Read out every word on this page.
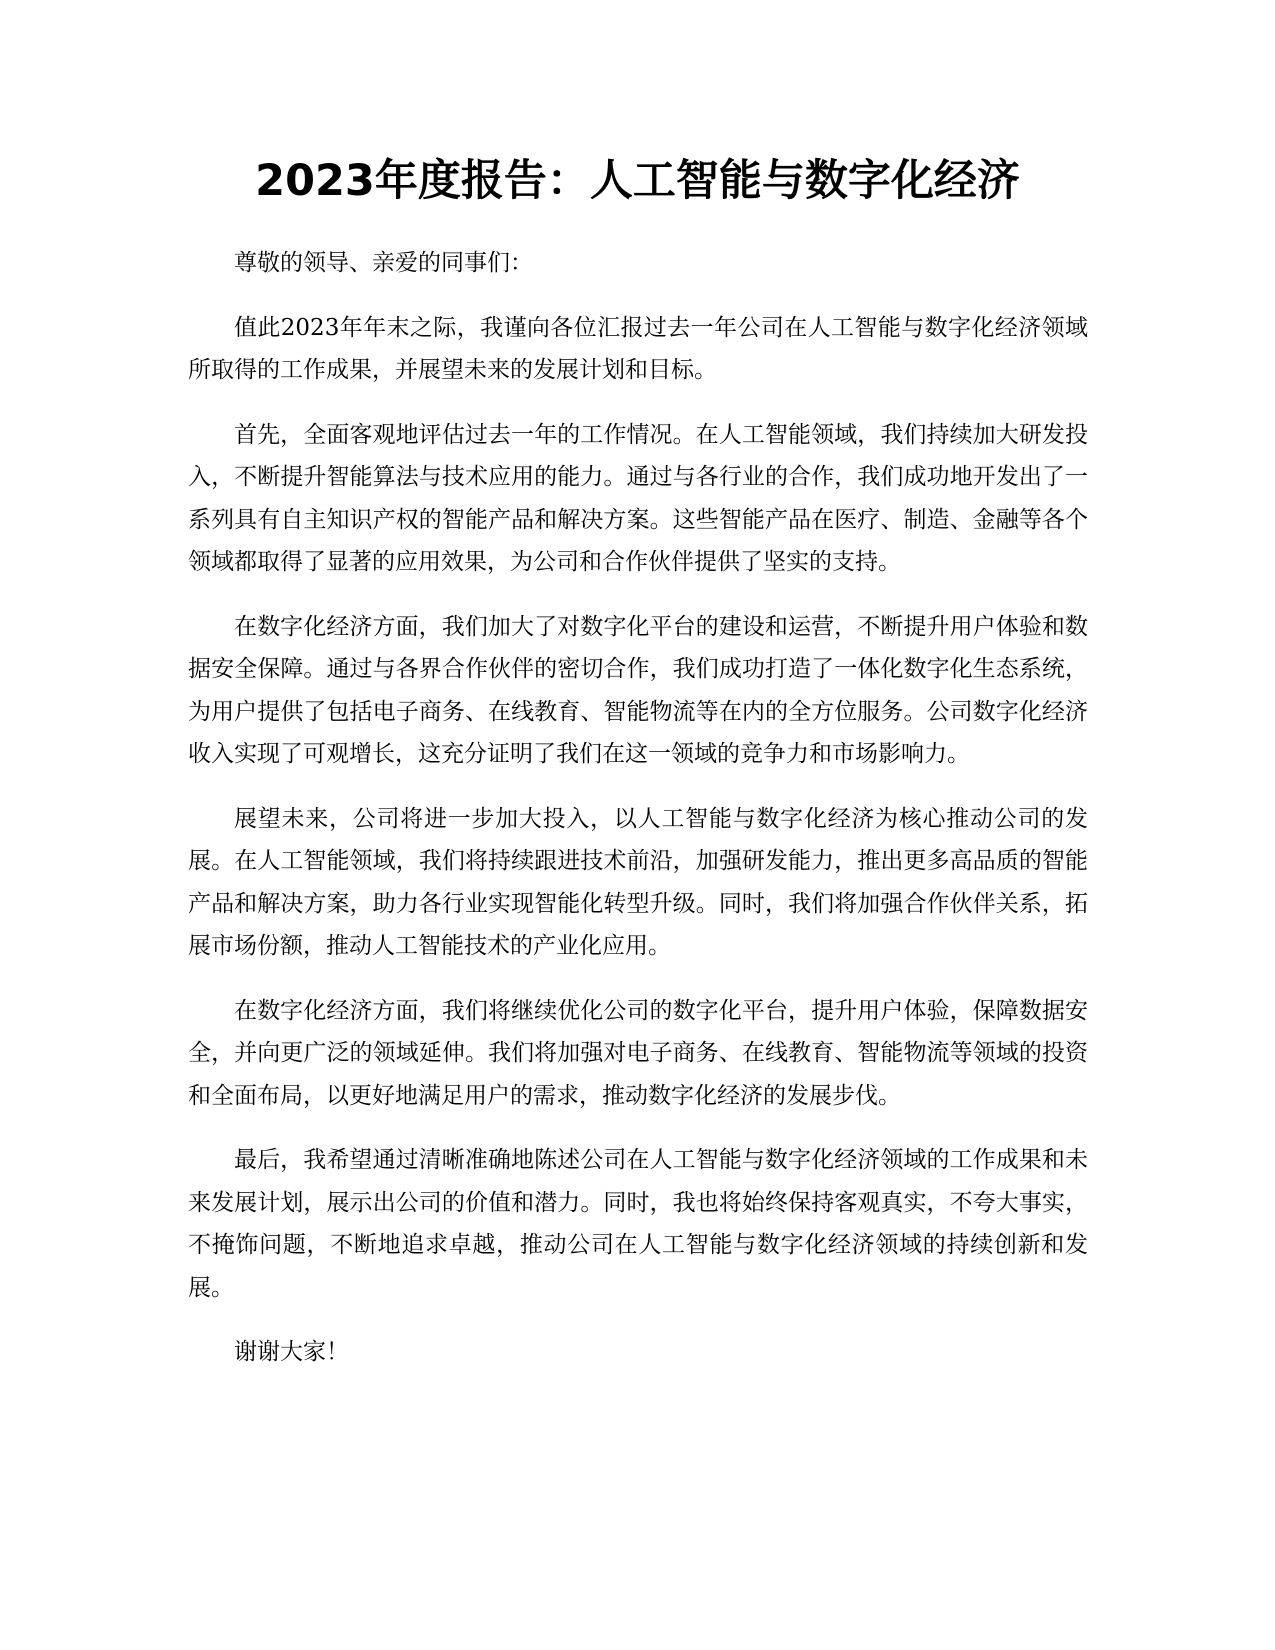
2023年度报告：人工智能与数字化经济

尊敬的领导、亲爱的同事们：

值此2023年年末之际，我谨向各位汇报过去一年公司在人工智能与数字化经济领域所取得的工作成果，并展望未来的发展计划和目标。

首先，全面客观地评估过去一年的工作情况。在人工智能领域，我们持续加大研发投入，不断提升智能算法与技术应用的能力。通过与各行业的合作，我们成功地开发出了一系列具有自主知识产权的智能产品和解决方案。这些智能产品在医疗、制造、金融等各个领域都取得了显著的应用效果，为公司和合作伙伴提供了坚实的支持。

在数字化经济方面，我们加大了对数字化平台的建设和运营，不断提升用户体验和数据安全保障。通过与各界合作伙伴的密切合作，我们成功打造了一体化数字化生态系统，为用户提供了包括电子商务、在线教育、智能物流等在内的全方位服务。公司数字化经济收入实现了可观增长，这充分证明了我们在这一领域的竞争力和市场影响力。

展望未来，公司将进一步加大投入，以人工智能与数字化经济为核心推动公司的发展。在人工智能领域，我们将持续跟进技术前沿，加强研发能力，推出更多高品质的智能产品和解决方案，助力各行业实现智能化转型升级。同时，我们将加强合作伙伴关系，拓展市场份额，推动人工智能技术的产业化应用。

在数字化经济方面，我们将继续优化公司的数字化平台，提升用户体验，保障数据安全，并向更广泛的领域延伸。我们将加强对电子商务、在线教育、智能物流等领域的投资和全面布局，以更好地满足用户的需求，推动数字化经济的发展步伐。

最后，我希望通过清晰准确地陈述公司在人工智能与数字化经济领域的工作成果和未来发展计划，展示出公司的价值和潜力。同时，我也将始终保持客观真实，不夸大事实，不掩饰问题，不断地追求卓越，推动公司在人工智能与数字化经济领域的持续创新和发展。

谢谢大家！
